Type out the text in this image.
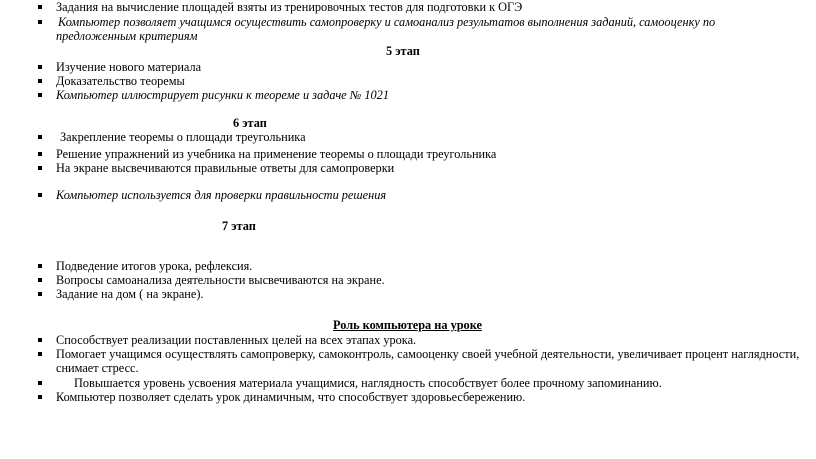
Задания на вычисление площадей взяты из тренировочных тестов для подготовки к ОГЭ
Компьютер позволяет учащимся осуществить самопроверку и самоанализ результатов выполнения заданий, самооценку по
предложенным критериям
5 этап
Изучение нового материала
Доказательство теоремы
Компьютер иллюстрирует рисунки к теореме и задаче № 1021
6 этап
Закрепление теоремы о площади треугольника
Решение упражнений из учебника на применение теоремы о площади треугольника
На экране высвечиваются правильные ответы для самопроверки
Компьютер используется для проверки правильности решения
7 этап
Подведение итогов урока, рефлексия.
Вопросы самоанализа деятельности высвечиваются на экране.
Задание на дом ( на экране).
Роль компьютера на уроке
Способствует реализации поставленных целей на всех этапах урока.
Помогает учащимся осуществлять самопроверку, самоконтроль, самооценку своей учебной деятельности, увеличивает процент наглядности,
снимает стресс.
Повышается уровень усвоения материала учащимися, наглядность способствует более прочному запоминанию.
Компьютер позволяет сделать урок динамичным, что способствует здоровьесбережению.
